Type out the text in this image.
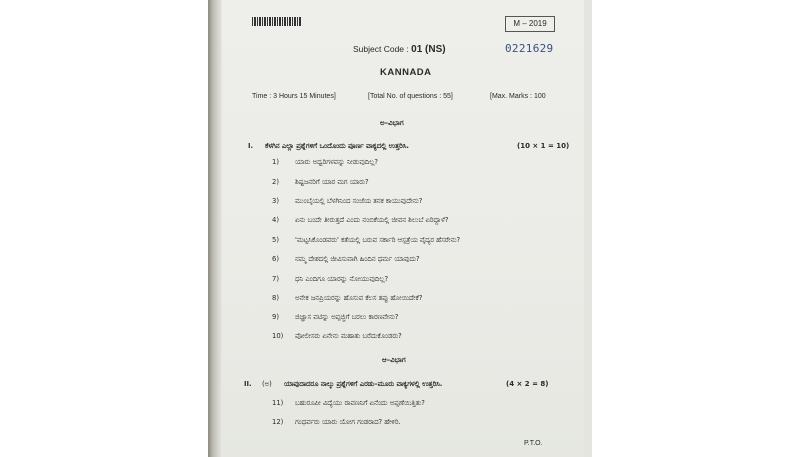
M – 2019
Subject Code : 01 (NS)	0221629
KANNADA
Time : 3 Hours 15 Minutes]	[Total No. of questions : 55]	[Max. Marks : 100
ಅ–ವಿಭಾಗ
I. ಕೆಳಗಿನ ಎಲ್ಲಾ ಪ್ರಶ್ನೆಗಳಿಗೆ ಒಂದೊಂದು ಪೂರ್ಣ ವಾಕ್ಯದಲ್ಲಿ ಉತ್ತರಿಸಿ.	(10 × 1 = 10)
1) ಯಾರು ಅಧ್ವರಿಗಳವನ್ನು ನೀಡುವುದಿಲ್ಲ?
2) ಶಿಷ್ಟಜನರಿಗೆ ಯಾರ ಮಗ ಯಾರು?
3) ಮುಂಬೈಯಲ್ಲಿ ಬೆಳಗಿನಿಂದ ಸಂಜೆಯ ತನಕ ಕಾಯುವುದೇನು?
4) ಏನು ಬಂದೇ ತೀರುತ್ತದೆ ಎಂದು ನಂಬಿಕೆಯಲ್ಲಿ ಜೀವನ ಶಿಲುಬೆ ಏರಿದ್ದಾಳೆ?
5) 'ಮಟ್ಟಸಿಕೊಂಡವರು' ಕತೆಯಲ್ಲಿ ಬರುವ ಸರ್ಕಾರಿ ಆಸ್ಪತ್ರೆಯ ವೈದ್ಯರ ಹೆಸರೇನು?
6) ನಮ್ಮ ದೇಶದಲ್ಲಿ ಜೀವಿಸುವಾಗಿ ಹಿಂದಿನ ಧರ್ಮ ಯಾವುದು?
7) ಧನಿ ಎಂದಿಗೂ ಯಾರನ್ನು ನೋಯುವುದಿಲ್ಲ?
8) ಅನೇಕ ಜನಪ್ರಿಯರನ್ನು ಹೊಸುವ ಕೆಲಸ ತಪ್ಪು ಹೋಯಿದೇಕೆ?
9) ಜಿಜ್ಞಾಸ ವಟಿನ್ನು ಅಪ್ಪಜ್ಜಿಗೆ ಬರಲು ಕಾರಣವೇನು?
10) ಪೋಲೀಸರು ಏನೇನು ಮಹಾತು ಬರೆದುಕೊಂಡರು?
ಆ–ವಿಭಾಗ
II. (ಅ) ಯಾವುದಾದರೂ ನಾಲ್ಕು ಪ್ರಶ್ನೆಗಳಿಗೆ ಎರಡು–ಮೂರು ವಾಕ್ಯಗಳಲ್ಲಿ ಉತ್ತರಿಸಿ.	(4 × 2 = 8)
11) ಬಹುರೂಪೀ ವಿದ್ಯೆಯು ರಾವಣನಿಗೆ ಏನೆಂದು ಅಪ್ಪಣೆಯಿತ್ತಿತು?
12) ಗಂಧರ್ವರು ಯಾರು ಯೋಗ ಗಂಡರಾದ? ಹೇಳಿರಿ.
P.T.O.
